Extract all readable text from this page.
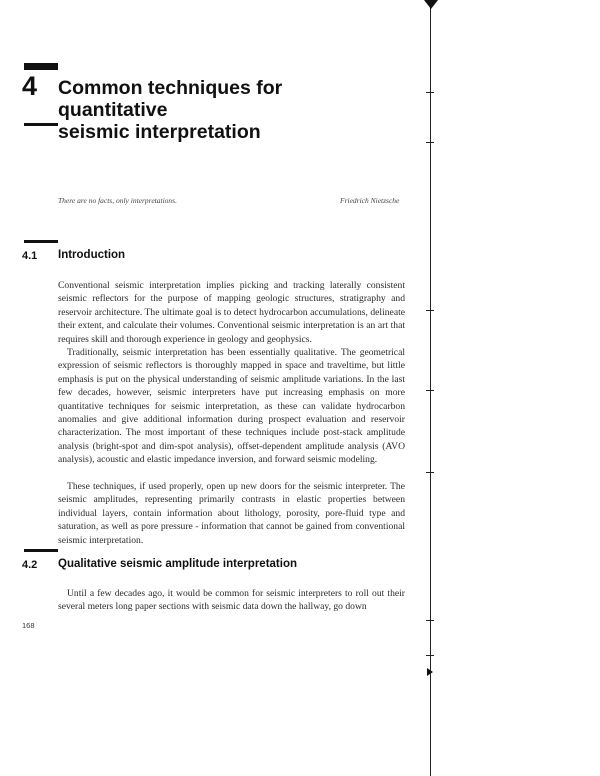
4 Common techniques for quantitative
seismic interpretation
There are no facts, only interpretations.	Friedrich Nietzsche
4.1 Introduction

Conventional seismic interpretation implies picking and tracking laterally consistent seismic reflectors for the purpose of mapping geologic structures, stratigraphy and reservoir architecture. The ultimate goal is to detect hydrocarbon accumulations, delineate their extent, and calculate their volumes. Conventional seismic interpretation is an art that requires skill and thorough experience in geology and geophysics.

Traditionally, seismic interpretation has been essentially qualitative. The geometrical expression of seismic reflectors is thoroughly mapped in space and traveltime, but little emphasis is put on the physical understanding of seismic amplitude variations. In the last few decades, however, seismic interpreters have put increasing emphasis on more quantitative techniques for seismic interpretation, as these can validate hydrocarbon anomalies and give additional information during prospect evaluation and reservoir characterization. The most important of these techniques include post-stack amplitude analysis (bright-spot and dim-spot analysis), offset-dependent amplitude analysis (AVO analysis), acoustic and elastic impedance inversion, and forward seismic modeling.

These techniques, if used properly, open up new doors for the seismic interpreter. The seismic amplitudes, representing primarily contrasts in elastic properties between individual layers, contain information about lithology, porosity, pore-fluid type and saturation, as well as pore pressure - information that cannot be gained from conventional seismic interpretation.

4.2 Qualitative seismic amplitude interpretation

Until a few decades ago, it would be common for seismic interpreters to roll out their several meters long paper sections with seismic data down the hallway, go down

168
